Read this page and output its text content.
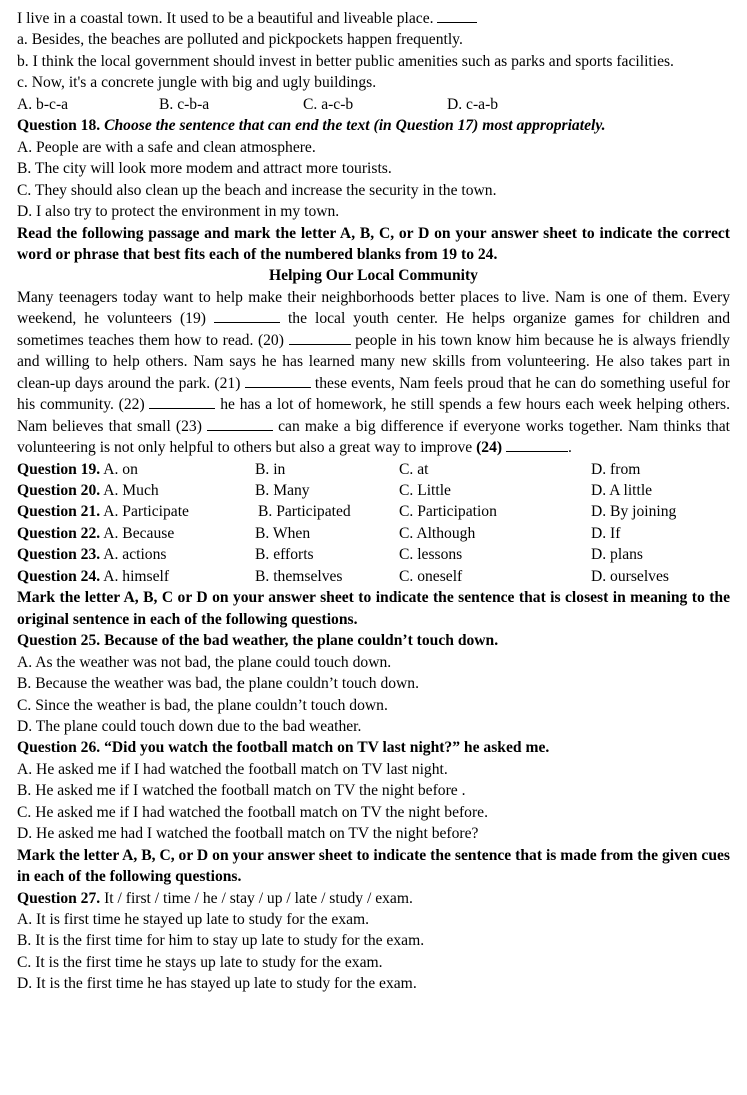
I live in a coastal town. It used to be a beautiful and liveable place.
a. Besides, the beaches are polluted and pickpockets happen frequently.
b. I think the local government should invest in better public amenities such as parks and sports facilities.
c. Now, it's a concrete jungle with big and ugly buildings.
A. b-c-a	B. c-b-a	C. a-c-b	D. c-a-b
Question 18. Choose the sentence that can end the text (in Question 17) most appropriately.
A. People are with a safe and clean atmosphere.
B. The city will look more modem and attract more tourists.
C. They should also clean up the beach and increase the security in the town.
D. I also try to protect the environment in my town.
Read the following passage and mark the letter A, B, C, or D on your answer sheet to indicate the correct word or phrase that best fits each of the numbered blanks from 19 to 24.
Helping Our Local Community
Many teenagers today want to help make their neighborhoods better places to live. Nam is one of them. Every weekend, he volunteers (19)	the local youth center. He helps organize games for children and sometimes teaches them how to read. (20)	people in his town know him because he is always friendly and willing to help others. Nam says he has learned many new skills from volunteering. He also takes part in clean-up days around the park. (21)	these events, Nam feels proud that he can do something useful for his community. (22)	he has a lot of homework, he still spends a few hours each week helping others. Nam believes that small (23)	can make a big difference if everyone works together. Nam thinks that volunteering is not only helpful to others but also a great way to improve (24)	.
Question 19. A. on	B. in	C. at	D. from
Question 20. A. Much	B. Many	C. Little	D. A little
Question 21. A. Participate	B. Participated	C. Participation	D. By joining
Question 22. A. Because	B. When	C. Although	D. If
Question 23. A. actions	B. efforts	C. lessons	D. plans
Question 24. A. himself	B. themselves	C. oneself	D. ourselves
Mark the letter A, B, C or D on your answer sheet to indicate the sentence that is closest in meaning to the original sentence in each of the following questions.
Question 25. Because of the bad weather, the plane couldn’t touch down.
A. As the weather was not bad, the plane could touch down.
B. Because the weather was bad, the plane couldn’t touch down.
C. Since the weather is bad, the plane couldn’t touch down.
D. The plane could touch down due to the bad weather.
Question 26. “Did you watch the football match on TV last night?” he asked me.
A. He asked me if I had watched the football match on TV last night.
B. He asked me if I watched the football match on TV the night before .
C. He asked me if I had watched the football match on TV the night before.
D. He asked me had I watched the football match on TV the night before?
Mark the letter A, B, C, or D on your answer sheet to indicate the sentence that is made from the given cues in each of the following questions.
Question 27. It / first / time / he / stay / up / late / study / exam.
A. It is first time he stayed up late to study for the exam.
B. It is the first time for him to stay up late to study for the exam.
C. It is the first time he stays up late to study for the exam.
D. It is the first time he has stayed up late to study for the exam.
